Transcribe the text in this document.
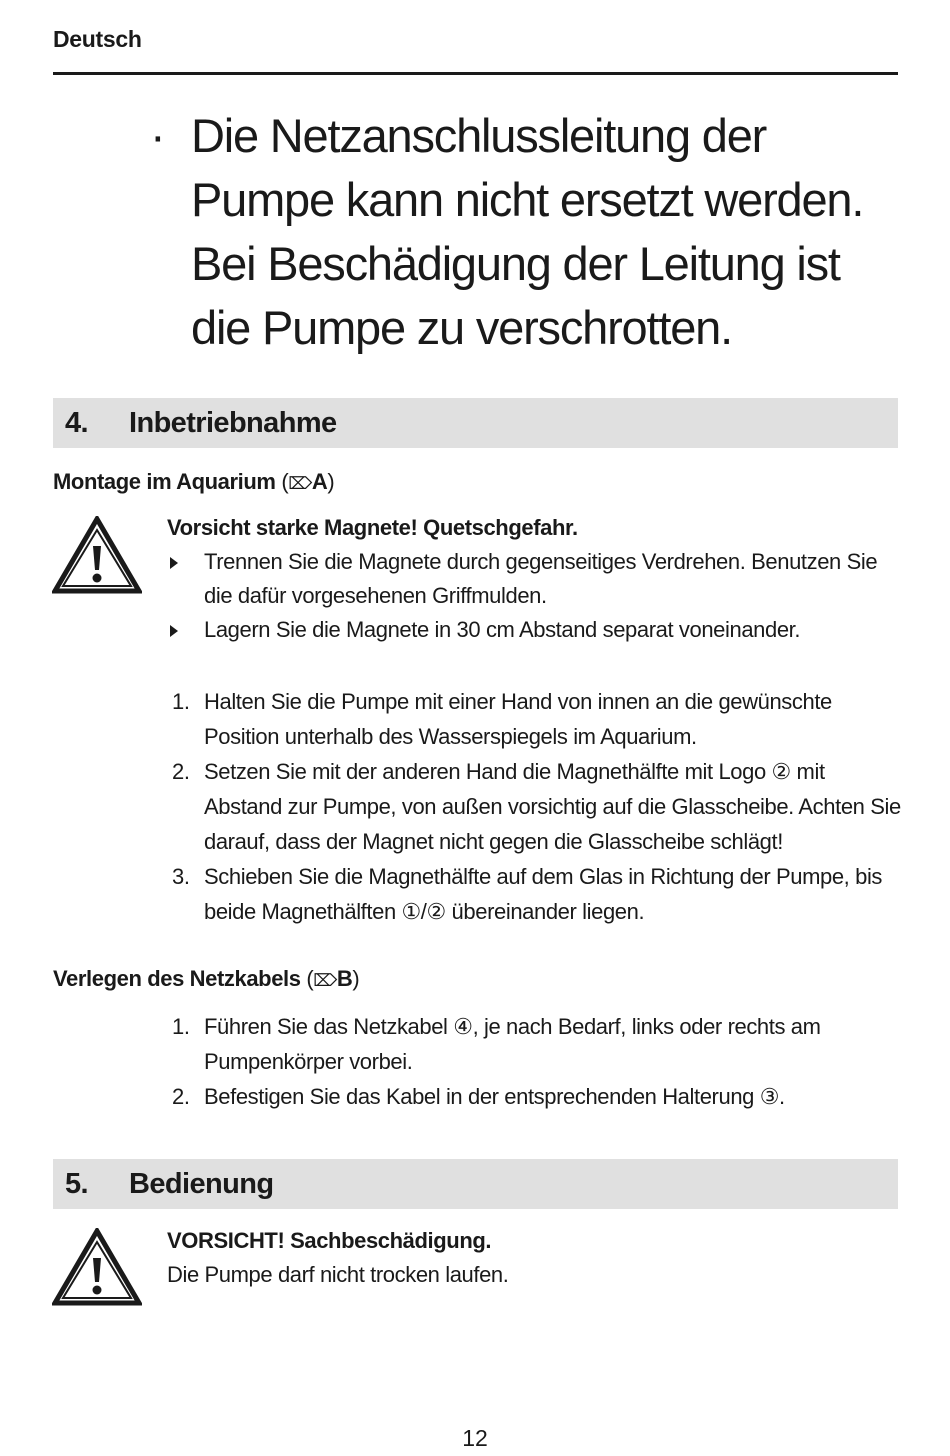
Deutsch
· Die Netzanschlussleitung der Pumpe kann nicht ersetzt werden. Bei Beschädigung der Leitung ist die Pumpe zu verschrotten.
4. Inbetriebnahme
Montage im Aquarium (⌦A)
Vorsicht starke Magnete! Quetschgefahr.
Trennen Sie die Magnete durch gegenseitiges Verdrehen. Benutzen Sie die dafür vorgesehenen Griffmulden.
Lagern Sie die Magnete in 30 cm Abstand separat voneinander.
1. Halten Sie die Pumpe mit einer Hand von innen an die gewünschte Position unterhalb des Wasserspiegels im Aquarium.
2. Setzen Sie mit der anderen Hand die Magnethälfte mit Logo ② mit Abstand zur Pumpe, von außen vorsichtig auf die Glasscheibe. Achten Sie darauf, dass der Magnet nicht gegen die Glasscheibe schlägt!
3. Schieben Sie die Magnethälfte auf dem Glas in Richtung der Pumpe, bis beide Magnethälften ①/② übereinander liegen.
Verlegen des Netzkabels (⌦B)
1. Führen Sie das Netzkabel ④, je nach Bedarf, links oder rechts am Pumpenkörper vorbei.
2. Befestigen Sie das Kabel in der entsprechenden Halterung ③.
5. Bedienung
VORSICHT! Sachbeschädigung.
Die Pumpe darf nicht trocken laufen.
12
